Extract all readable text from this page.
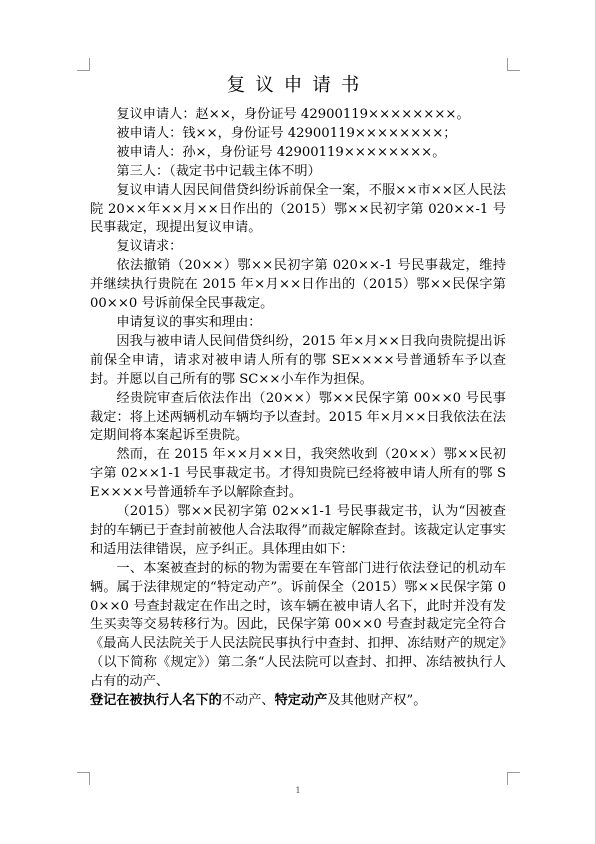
复议申请书

复议申请人：赵××，身份证号 42900119××××××××。

被申请人：钱××，身份证号 42900119××××××××；

被申请人：孙×，身份证号 42900119××××××××。

第三人：（裁定书中记载主体不明）

复议申请人因民间借贷纠纷诉前保全一案，不服××市××区人民法院 20××年××月××日作出的（2015）鄂××民初字第 020××-1 号民事裁定，现提出复议申请。

复议请求：

依法撤销（20××）鄂××民初字第 020××-1 号民事裁定，维持并继续执行贵院在 2015 年×月××日作出的（2015）鄂××民保字第 00××0 号诉前保全民事裁定。

申请复议的事实和理由：

因我与被申请人民间借贷纠纷，2015 年×月××日我向贵院提出诉前保全申请，请求对被申请人所有的鄂 SE××××号普通轿车予以查封。并愿以自己所有的鄂 SC××小车作为担保。

经贵院审查后依法作出（20××）鄂××民保字第 00××0 号民事裁定：将上述两辆机动车辆均予以查封。2015 年×月××日我依法在法定期间将本案起诉至贵院。

然而，在 2015 年××月××日，我突然收到（20××）鄂××民初字第 02××1-1 号民事裁定书。才得知贵院已经将被申请人所有的鄂 SE××××号普通轿车予以解除查封。

（2015）鄂××民初字第 02××1-1 号民事裁定书，认为“因被查封的车辆已于查封前被他人合法取得”而裁定解除查封。该裁定认定事实和适用法律错误，应予纠正。具体理由如下：

一、本案被查封的标的物为需要在车管部门进行依法登记的机动车辆。属于法律规定的“特定动产”。诉前保全（2015）鄂××民保字第 00××0 号查封裁定在作出之时，该车辆在被申请人名下，此时并没有发生买卖等交易转移行为。因此，民保字第 00××0 号查封裁定完全符合《最高人民法院关于人民法院民事执行中查封、扣押、冻结财产的规定》（以下简称《规定》）第二条“人民法院可以查封、扣押、冻结被执行人占有的动产、

登记在被执行人名下的不动产、特定动产及其他财产权”。

1
